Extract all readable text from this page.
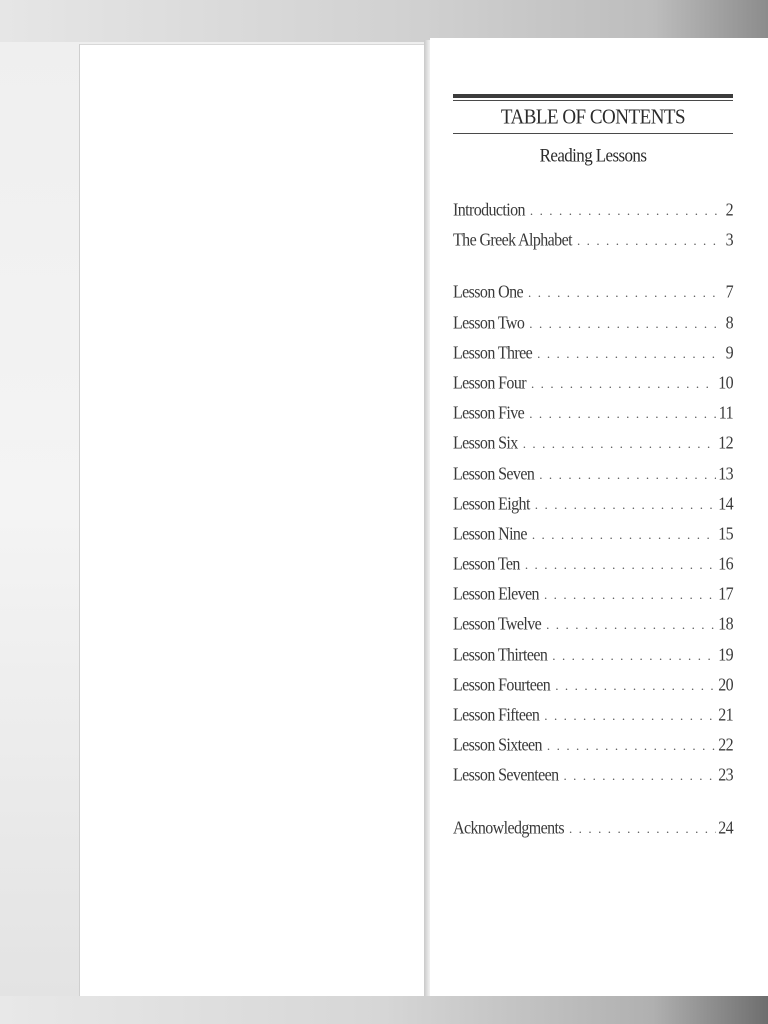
TABLE OF CONTENTS
Reading Lessons
Introduction . . .	2
The Greek Alphabet . . .	3
Lesson One . . .	7
Lesson Two . . .	8
Lesson Three . . .	9
Lesson Four . . .	10
Lesson Five . . .	11
Lesson Six . . .	12
Lesson Seven . . .	13
Lesson Eight . . .	14
Lesson Nine . . .	15
Lesson Ten . . .	16
Lesson Eleven . . .	17
Lesson Twelve . . .	18
Lesson Thirteen . . .	19
Lesson Fourteen . . .	20
Lesson Fifteen . . .	21
Lesson Sixteen . . .	22
Lesson Seventeen . . .	23
Acknowledgments . . .	24
